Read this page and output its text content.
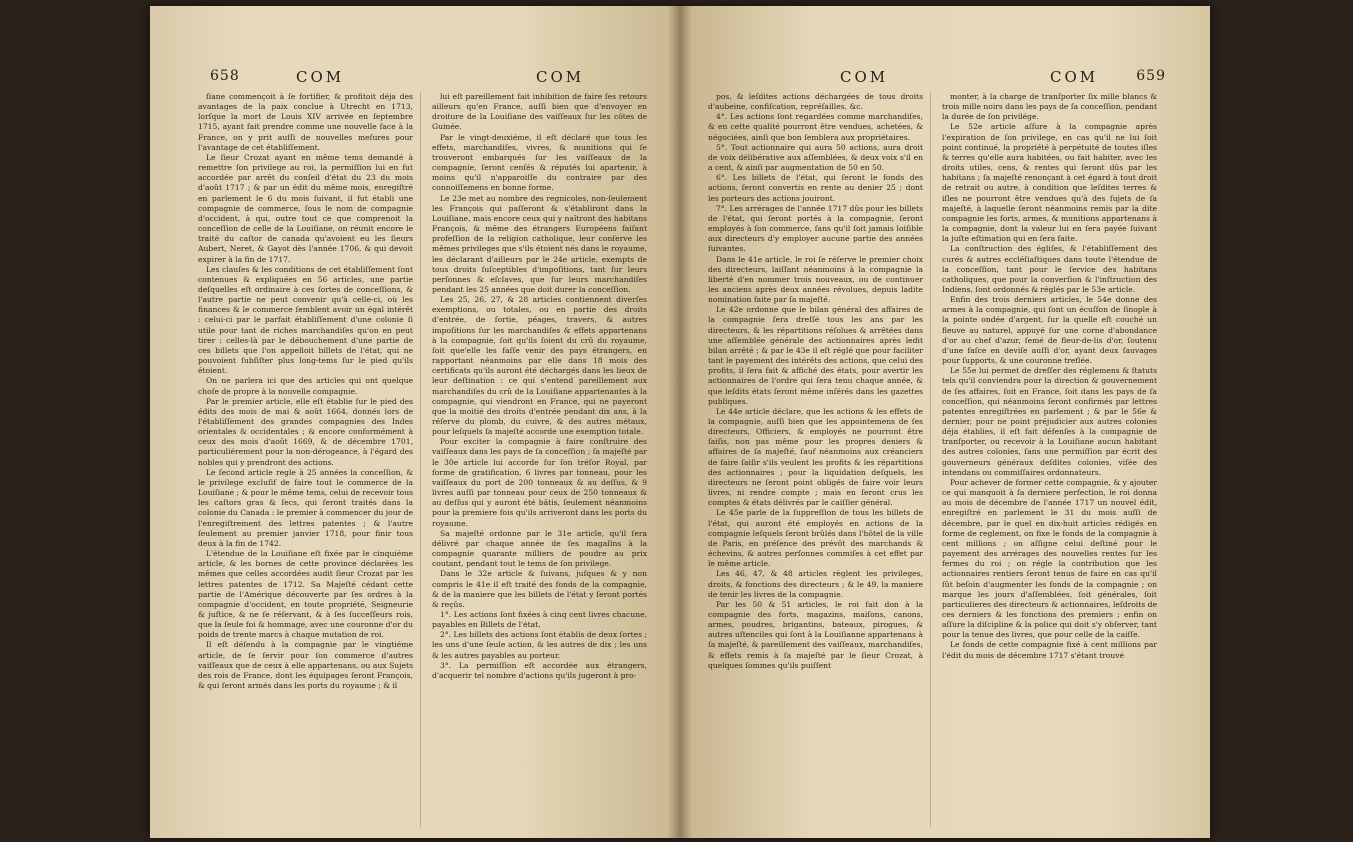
658	COM	COM

ſiane commençoit à ſe fortifier, & profitoit déja des avantages de la paix conclue à Utrecht en 1713, lorſque la mort de Louis XIV arrivée en ſeptembre 1715, ayant fait prendre comme une nouvelle face à la France, on y prit auſſi de nouvelles meſures pour l'avantage de cet établiſſement.

Le ſieur Crozat ayant en même tems demandé à remettre ſon privilege au roi, la permiſſion lui en fut accordée par arrêt du conſeil d'état du 23 du mois d'août 1717 ; & par un édit du même mois, enregiſtré en parlement le 6 du mois ſuivant, il fut établi une compagnie de commerce, ſous le nom de compagnie d'occident, à qui, outre tout ce que comprenoit la conceſſion de celle de la Louiſiane, on réunit encore le traité du caſtor de canada qu'avoient eu les ſieurs Aubert, Neret, & Gayot dès l'année 1706, & qui devoit expirer à la fin de 1717.

Les clauſes & les conditions de cet établiſſement ſont contenues & expliquées en 56 articles, une partie deſquelles eſt ordinaire à ces ſortes de conceſſions, & l'autre partie ne peut convenir qu'à celle-ci, où les finances & le commerce ſemblent avoir un égal intérêt : celui-ci par le parfait établiſſement d'une colonie ſi utile pour tant de riches marchandiſes qu'on en peut tirer : celles-là par le débouchement d'une partie de ces billets que l'on appelloit billets de l'état, qui ne pouvoient ſubſiſter plus long-tems ſur le pied qu'ils étoient.

On ne parlera ici que des articles qui ont quelque choſe de propre à la nouvelle compagnie.

Par le premier article, elle eſt établie ſur le pied des édits des mois de mai & août 1664, donnés lors de l'établiſſement des grandes compagnies des Indes orientales & occidentales ; & encore conformément à ceux des mois d'août 1669, & de décembre 1701, particuliérement pour la non-dérogeance, à l'égard des nobles qui y prendront des actions.

Le ſecond article regle à 25 années la conceſſion, & le privilege excluſif de faire tout le commerce de la Louiſiane ; & pour le même tems, celui de recevoir tous les caſtors gras & ſecs, qui ſeront traités dans la colonie du Canada : le premier à commencer du jour de l'enregiſtrement des lettres patentes ; & l'autre ſeulement au premier janvier 1718, pour finir tous deux à la fin de 1742.

L'étendue de la Louiſiane eſt fixée par le cinquiéme article, & les bornes de cette province déclarées les mêmes que celles accordées audit ſieur Crozat par les lettres patentes de 1712. Sa Majeſté cédant cette partie de l'Amérique découverte par ſes ordres à la compagnie d'occident, en toute propriété, Seigneurie & juſtice, & ne ſe réſervant, & à ſes ſucceſſeurs rois, que la ſeule foi & hommage, avec une couronne d'or du poids de trente marcs à chaque mutation de roi.

Il eſt déſendu à la compagnie par le vingtiéme article, de ſe ſervir pour ſon commerce d'autres vaiſſeaux que de ceux à elle appartenans, ou aux Sujets des rois de France, dont les équipages ſeront François, & qui ſeront armés dans les ports du royaume ; & il

lui eſt pareillement fait inhibition de faire ſes retours ailleurs qu'en France, auſſi bien que d'envoyer en droiture de la Louiſiane des vaiſſeaux ſur les côtes de Guinée.

Par le vingt-deuxiéme, il eſt déclaré que tous les effets, marchandiſes, vivres, & munitions qui ſe trouveront embarqués ſur les vaiſſeaux de la compagnie, ſeront cenſés & réputés lui apartenir, à moins qu'il n'apparoiſſe du contraire par des connoiſſemens en bonne forme.

Le 23e met au nombre des regnicoles, non-ſeulement les François qui paſſeront & s'établiront dans la Louiſiane, mais encore ceux qui y naîtront des habitans François, & même des étrangers Européens faiſant profeſſion de la religion catholique, leur conſerve les mêmes privileges que s'ils étoient nés dans le royaume, les déclarant d'ailleurs par le 24e article, exempts de tous droits ſuſceptibles d'impoſitions, tant ſur leurs perſonnes & eſclaves, que ſur leurs marchandiſes pendant les 25 années que doit durer la conceſſion.

Les 25, 26, 27, & 28 articles contiennent diverſes exemptions, ou totales, ou en partie des droits d'entrée, de ſortie, péages, travers, & autres impoſitions ſur les marchandiſes & effets appartenans à la compagnie, ſoit qu'ils ſoient du crû du royaume, ſoit que'elle les faſſe venir des pays étrangers, en rapportant néanmoins par elle dans 18 mois des certificats qu'ils auront été déchargés dans les lieux de leur deſtination : ce qui s'entend pareillement aux marchandiſes du crû de la Louiſiane appartenantes à la compagnie, qui viendront en France, qui ne payeront que la moitié des droits d'entrée pendant dix ans, à la réſerve du plomb, du cuivre, & des autres métaux, pour leſquels ſa majeſté accorde une exemption totale.

Pour exciter la compagnie à faire conſtruire des vaiſſeaux dans les pays de ſa conceſſion ; ſa majeſté par le 30e article lui accorde ſur ſon tréſor Royal, par forme de gratification, 6 livres par tonneau, pour les vaiſſeaux du port de 200 tonneaux & au deſſus, & 9 livres auſſi par tonneau pour ceux de 250 tonneaux & au deſſus qui y auront été bâtis, ſeulement néanmoins pour la premiere fois qu'ils arriveront dans les ports du royaume.

Sa majeſté ordonne par le 31e article, qu'il ſera délivré par chaque année de ſes magaſins à la compagnie quarante milliers de poudre au prix coutant, pendant tout le tems de ſon privilege.

Dans le 32e article & ſuivans, juſques & y non compris le 41e il eſt traité des fonds de la compagnie, & de la maniere que les billets de l'état y ſeront portés & reçûs.

1°. Les actions ſont fixées à cinq cent livres chacune, payables en Billets de l'état.

2°. Les billets des actions ſont établis de deux ſortes ; les uns d'une ſeule action, & les autres de dix ; les uns & les autres payables au porteur.

3°. La permiſſion eſt accordée aux étrangers, d'acquerir tel nombre d'actions qu'ils jugeront à pro-

COM	COM	659

pos, & leſdites actions déchargées de tous droits d'aubeine, confiſcation, repréſailles, &c.

4°. Les actions ſont regardées comme marchandiſes, & en cette qualité pourront être vendues, achetées, & négociées, ainſi que bon ſemblera aux propriétaires.

5°. Tout actionnaire qui aura 50 actions, aura droit de voix délibérative aux aſſemblées, & deux voix s'il en a cent, & ainſi par augmentation de 50 en 50.

6°. Les billets de l'état, qui ſeront le fonds des actions, ſeront convertis en rente au denier 25 ; dont les porteurs des actions jouiront.

7°. Les arrérages de l'année 1717 dûs pour les billets de l'état, qui ſeront portés à la compagnie, ſeront employés à ſon commerce, ſans qu'il ſoit jamais loiſible aux directeurs d'y employer aucune partie des années ſuivantes.

Dans le 41e article, le roi ſe réſerve le premier choix des directeurs, laiſſant néanmoins à la compagnie la liberté d'en nommer trois nouveaux, ou de continuer les anciens après deux années révolues, depuis ladite nomination faite par ſa majeſté.

Le 42e ordonne que le bilan général des affaires de la compagnie ſera dreſſé tous les ans par les directeurs, & les répartitions réſolues & arrêtées dans une aſſemblée générale des actionnaires après ledit bilan arrêté ; & par le 43e il eſt réglé que pour faciliter tant le payement des intérêts des actions, que celui des profits, il ſera fait & affiché des états, pour avertir les actionnaires de l'ordre qui ſera tenu chaque année, & que leſdits états ſeront même inſérés dans les gazettes publiques.

Le 44e article déclare, que les actions & les effets de la compagnie, auſſi bien que les appointemens de ſes directeurs, Officiers, & employés ne pourront être ſaiſis, non pas même pour les propres deniers & affaires de ſa majeſté, ſauf néanmoins aux créanciers de faire ſaiſir s'ils veulent les profits & les répartitions des actionnaires ; pour la liquidation deſquels, les directeurs ne ſeront point obligés de faire voir leurs livres, ni rendre compte ; mais en ſeront crus les comptes & états délivrés par le caiſſier général.

Le 45e parle de la ſuppreſſion de tous les billets de l'état, qui auront été employés en actions de la compagnie leſquels ſeront brûlés dans l'hôtel de la ville de Paris, en préſence des prévôt des marchands & échevins, & autres perſonnes commiſes à cet effet par le même article.

Les 46, 47, & 48 articles règlent les privileges, droits, & fonctions des directeurs ; & le 49, la maniere de tenir les livres de la compagnie.

Par les 50 & 51 articles, le roi fait don à la compagnie des forts, magazins, maiſons, canons, armes, poudres, brigantins, bateaux, pirogues, & autres uſtenciles qui ſont à la Louiſianne appartenans à ſa majeſté, & pareillement des vaiſſeaux, marchandiſes, & effets remis à ſa majeſté par le ſieur Crozat, à quelques ſommes qu'ils puiſſent

monter, à la charge de tranſporter ſix mille blancs & trois mille noirs dans les pays de ſa conceſſion, pendant la durée de ſon privilége.

Le 52e article aſſure à la compagnie après l'expiration de ſon privilege, en cas qu'il ne lui ſoit point continué, la propriété à perpétuité de toutes iſles & terres qu'elle aura habitées, ou fait habiter, avec les droits utiles, cens, & rentes qui ſeront dûs par les habitans ; ſa majeſté renonçant à cet égard à tout droit de retrait ou autre, à condition que leſdites terres & iſles ne pourront être vendues qu'à des ſujets de ſa majeſté, à laquelle ſeront néanmoins remis par la dite compagnie les forts, armes, & munitions appartenans à la compagnie, dont la valeur lui en ſera payée ſuivant la juſte eſtimation qui en ſera faite.

La conſtruction des égliſes, & l'établiſſement des curés & autres eccléſiaſtiques dans toute l'étendue de la conceſſion, tant pour le ſervice des habitans catholiques, que pour la converſion & l'inſtruction des Indiens, ſont ordonnés & réglés par le 53e article.

Enfin des trois derniers articles, le 54e donne des armes à la compagnie, qui ſont un écuſſon de ſinople à la pointe ondée d'argent, ſur la quelle eſt couché un fleuve au naturel, appuyé ſur une corne d'abondance d'or au chef d'azur, ſemé de fleur-de-lis d'or, ſoutenu d'une faſce en deviſe auſſi d'or, ayant deux ſauvages pour ſupports, & une couronne treflée.

Le 55e lui permet de dreſſer des réglemens & ſtatuts tels qu'il conviendra pour la direction & gouvernement de ſes affaires, ſoit en France, ſoit dans les pays de ſa conceſſion, qui néanmoins ſeront confirmés par lettres patentes enregiſtrées en parlement ; & par le 56e & dernier, pour ne point préjudicier aux autres colonies déja établies, il eſt fait défenſes à la compagnie de tranſporter, ou recevoir à la Louiſiane aucun habitant des autres colonies, ſans une permiſſion par écrit des gouverneurs généraux deſdites colonies, viſée des intendans ou commiſſaires ordonnateurs.

Pour achever de former cette compagnie, & y ajouter ce qui manquoit à ſa derniere perfection, le roi donna au mois de décembre de l'année 1717 un nouvel édit, enregiſtré en parlement le 31 du mois auſſi de décembre, par le quel en dix-huit articles rédigés en forme de reglement, on fixe le fonds de la compagnie à cent millions ; on aſſigne celui deſtiné pour le payement des arrérages des nouvelles rentes ſur les fermes du roi ; on régle la contribution que les actionnaires rentiers ſeront tenus de faire en cas qu'il ſût beſoin d'augmenter les fonds de la compagnie ; on marque les jours d'aſſemblées, ſoit générales, ſoit particulieres des directeurs & actionnaires, leſdroits de ces derniers & les fonctions des premiers ; enfin on aſſure la diſcipline & la police qui doit s'y obſerver, tant pour la tenue des livres, que pour celle de la caiſſe.

Le fonds de cette compagnie fixé à cent millions par l'édit du mois de décembre 1717 s'étant trouvé
